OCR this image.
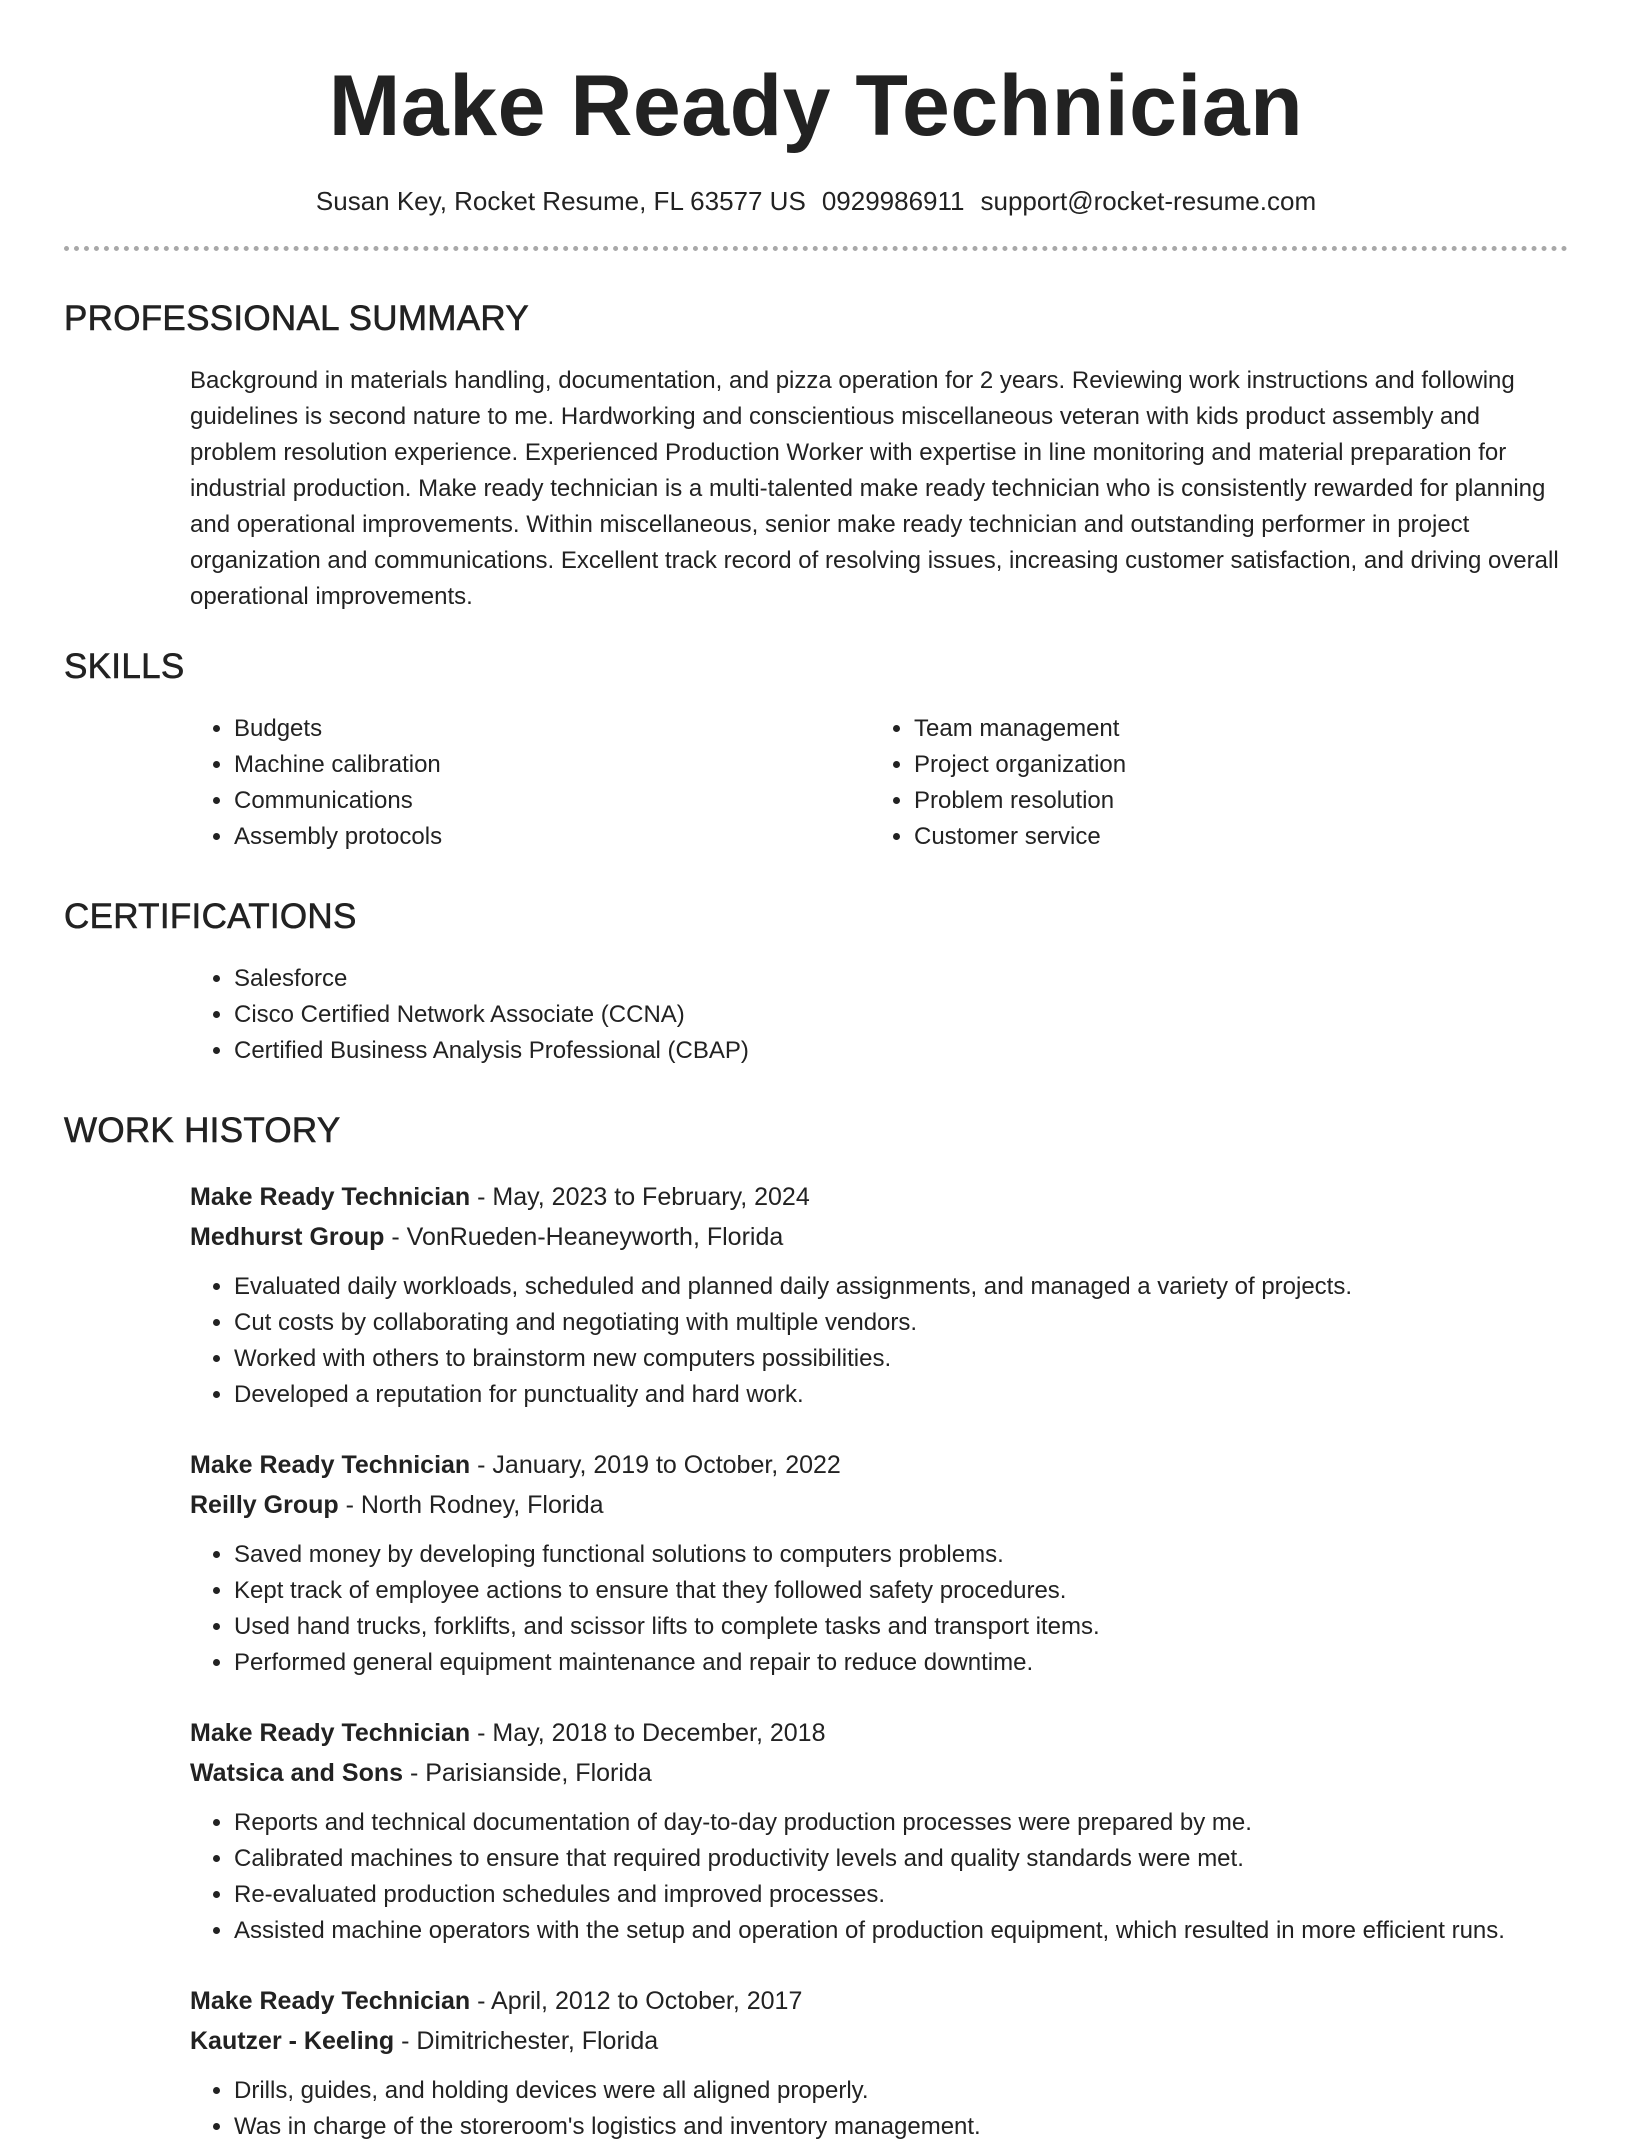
Make Ready Technician
Susan Key, Rocket Resume, FL 63577 US 0929986911 support@rocket-resume.com
PROFESSIONAL SUMMARY

Background in materials handling, documentation, and pizza operation for 2 years. Reviewing work instructions and following guidelines is second nature to me. Hardworking and conscientious miscellaneous veteran with kids product assembly and problem resolution experience. Experienced Production Worker with expertise in line monitoring and material preparation for industrial production. Make ready technician is a multi-talented make ready technician who is consistently rewarded for planning and operational improvements. Within miscellaneous, senior make ready technician and outstanding performer in project organization and communications. Excellent track record of resolving issues, increasing customer satisfaction, and driving overall operational improvements.

SKILLS
• Budgets
• Machine calibration
• Communications
• Assembly protocols
• Team management
• Project organization
• Problem resolution
• Customer service
CERTIFICATIONS
• Salesforce
• Cisco Certified Network Associate (CCNA)
• Certified Business Analysis Professional (CBAP)
WORK HISTORY
Make Ready Technician - May, 2023 to February, 2024
Medhurst Group - VonRueden-Heaneyworth, Florida
• Evaluated daily workloads, scheduled and planned daily assignments, and managed a variety of projects.
• Cut costs by collaborating and negotiating with multiple vendors.
• Worked with others to brainstorm new computers possibilities.
• Developed a reputation for punctuality and hard work.
Make Ready Technician - January, 2019 to October, 2022
Reilly Group - North Rodney, Florida
• Saved money by developing functional solutions to computers problems.
• Kept track of employee actions to ensure that they followed safety procedures.
• Used hand trucks, forklifts, and scissor lifts to complete tasks and transport items.
• Performed general equipment maintenance and repair to reduce downtime.
Make Ready Technician - May, 2018 to December, 2018
Watsica and Sons - Parisianside, Florida
• Reports and technical documentation of day-to-day production processes were prepared by me.
• Calibrated machines to ensure that required productivity levels and quality standards were met.
• Re-evaluated production schedules and improved processes.
• Assisted machine operators with the setup and operation of production equipment, which resulted in more efficient runs.
Make Ready Technician - April, 2012 to October, 2017
Kautzer - Keeling - Dimitrichester, Florida
• Drills, guides, and holding devices were all aligned properly.
• Was in charge of the storeroom's logistics and inventory management.
